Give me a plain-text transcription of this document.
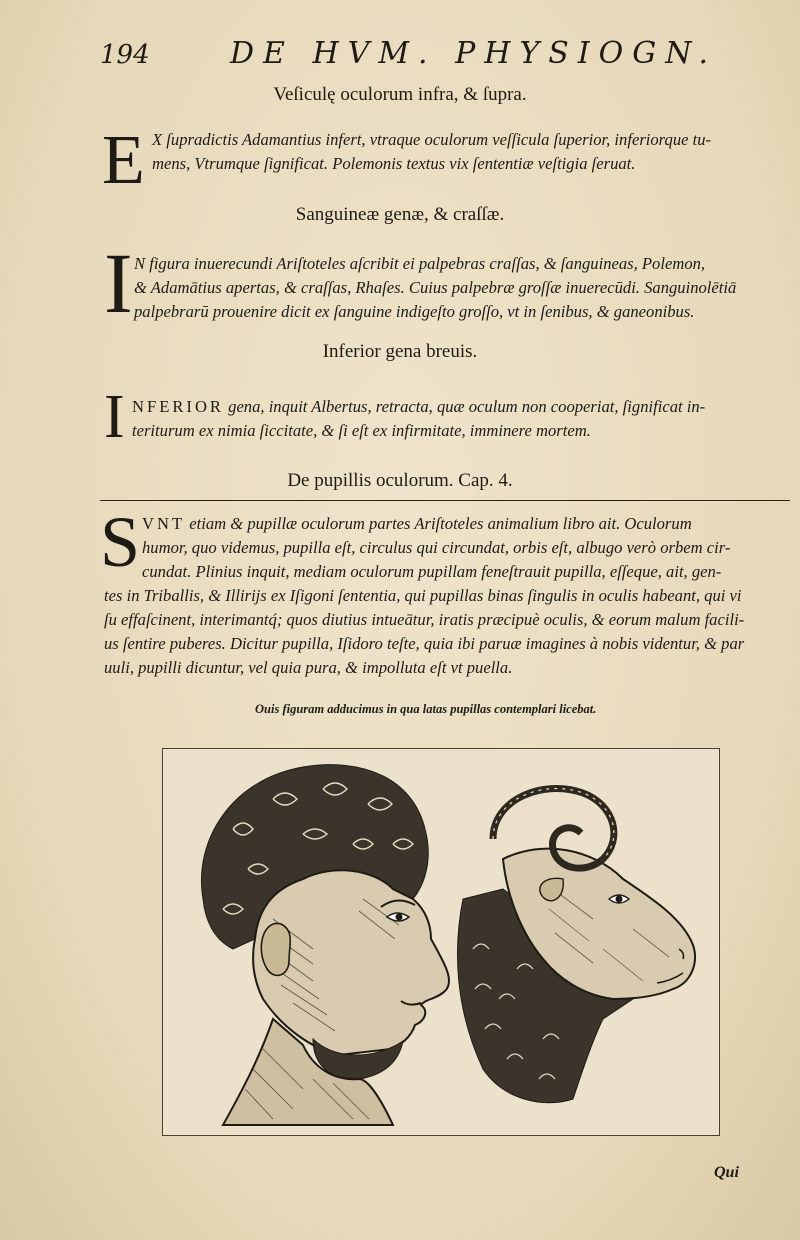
194	DE HVM. PHYSIOGN.
Veſiculę oculorum infra, & ſupra.
E X ſupradictis Adamantius infert, vtraque oculorum veſſicula ſuperior, inferiorque tu-
mens, Vtrumque ſignificat. Polemonis textus vix ſententiæ veſtigia ſeruat.
Sanguineæ genæ, & craſſæ.
I N figura inuerecundi Ariſtoteles aſcribit ei palpebras craſſas, & ſanguineas, Polemon,
& Adamātius apertas, & craſſas, Rhaſes. Cuius palpebræ groſſæ inuerecūdi. Sanguinolētiā
palpebrarū prouenire dicit ex ſanguine indigeſto groſſo, vt in ſenibus, & ganeonibus.
Inferior gena breuis.
I NFERIOR gena, inquit Albertus, retracta, quæ oculum non cooperiat, ſignificat in-
teriturum ex nimia ſiccitate, & ſi eſt ex infirmitate, imminere mortem.
De pupillis oculorum. Cap. 4.
S VNT etiam & pupillæ oculorum partes Ariſtoteles animalium libro ait. Oculorum
humor, quo videmus, pupilla eſt, circulus qui circundat, orbis eſt, albugo verò orbem cir-
cundat. Plinius inquit, mediam oculorum pupillam feneſtrauit pupilla, eſſeque, ait, gen-
tes in Triballis, & Illirijs ex Iſigoni ſententia, qui pupillas binas ſingulis in oculis habeant, qui vi
ſu effaſcinent, interimantq́; quos diutius intueātur, iratis præcipuè oculis, & eorum malum facili-
us ſentire puberes. Dicitur pupilla, Iſidoro teſte, quia ibi paruæ imagines à nobis videntur, & par
uuli, pupilli dicuntur, vel quia pura, & impolluta eſt vt puella.
Ouis figuram adducimus in qua latas pupillas contemplari licebat.
Qui
